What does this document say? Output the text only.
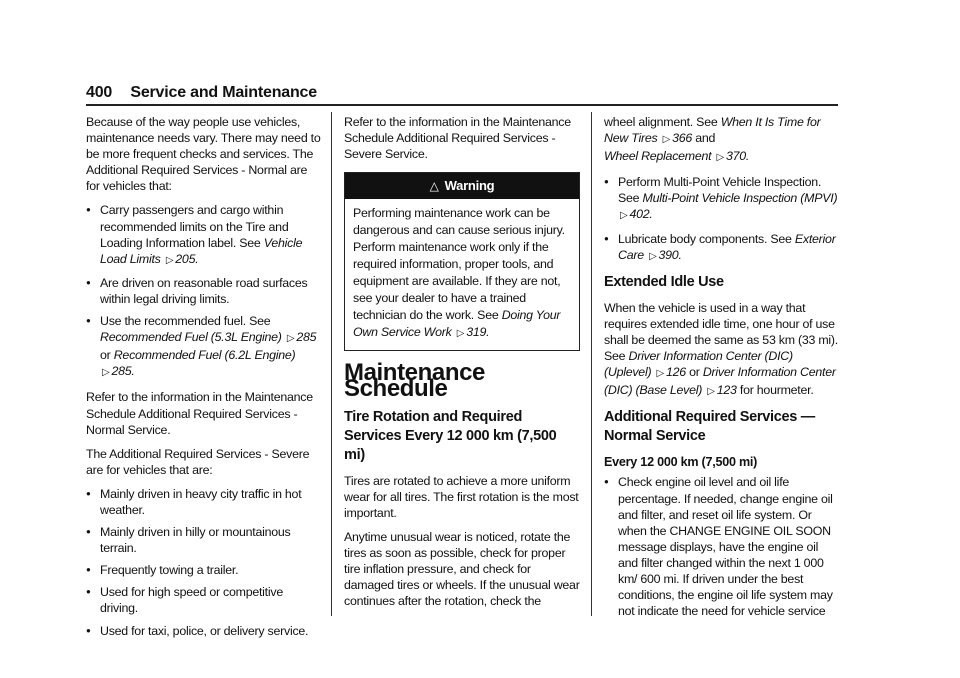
400 Service and Maintenance

Because of the way people use vehicles, maintenance needs vary. There may need to be more frequent checks and services. The Additional Required Services - Normal are for vehicles that:

● Carry passengers and cargo within recommended limits on the Tire and Loading Information label. See Vehicle Load Limits ▷ 205.
● Are driven on reasonable road surfaces within legal driving limits.
● Use the recommended fuel. See Recommended Fuel (5.3L Engine) ▷ 285 or Recommended Fuel (6.2L Engine) ▷ 285.

Refer to the information in the Maintenance Schedule Additional Required Services - Normal Service.

The Additional Required Services - Severe are for vehicles that are:

● Mainly driven in heavy city traffic in hot weather.
● Mainly driven in hilly or mountainous terrain.
● Frequently towing a trailer.
● Used for high speed or competitive driving.
● Used for taxi, police, or delivery service.

Refer to the information in the Maintenance Schedule Additional Required Services - Severe Service.

△ Warning
Performing maintenance work can be dangerous and can cause serious injury. Perform maintenance work only if the required information, proper tools, and equipment are available. If they are not, see your dealer to have a trained technician do the work. See Doing Your Own Service Work ▷ 319.
Maintenance Schedule
Tire Rotation and Required Services Every 12 000 km (7,500 mi)

Tires are rotated to achieve a more uniform wear for all tires. The first rotation is the most important.

Anytime unusual wear is noticed, rotate the tires as soon as possible, check for proper tire inflation pressure, and check for damaged tires or wheels. If the unusual wear continues after the rotation, check the

wheel alignment. See When It Is Time for New Tires ▷ 366 and
Wheel Replacement ▷ 370.

● Perform Multi-Point Vehicle Inspection. See Multi-Point Vehicle Inspection (MPVI) ▷ 402.
● Lubricate body components. See Exterior Care ▷ 390.
Extended Idle Use

When the vehicle is used in a way that requires extended idle time, one hour of use shall be deemed the same as 53 km (33 mi). See Driver Information Center (DIC) (Uplevel) ▷ 126 or Driver Information Center (DIC) (Base Level) ▷ 123 for hourmeter.

Additional Required Services — Normal Service
Every 12 000 km (7,500 mi)
● Check engine oil level and oil life percentage. If needed, change engine oil and filter, and reset oil life system. Or when the CHANGE ENGINE OIL SOON message displays, have the engine oil and filter changed within the next 1 000 km/ 600 mi. If driven under the best conditions, the engine oil life system may not indicate the need for vehicle service
